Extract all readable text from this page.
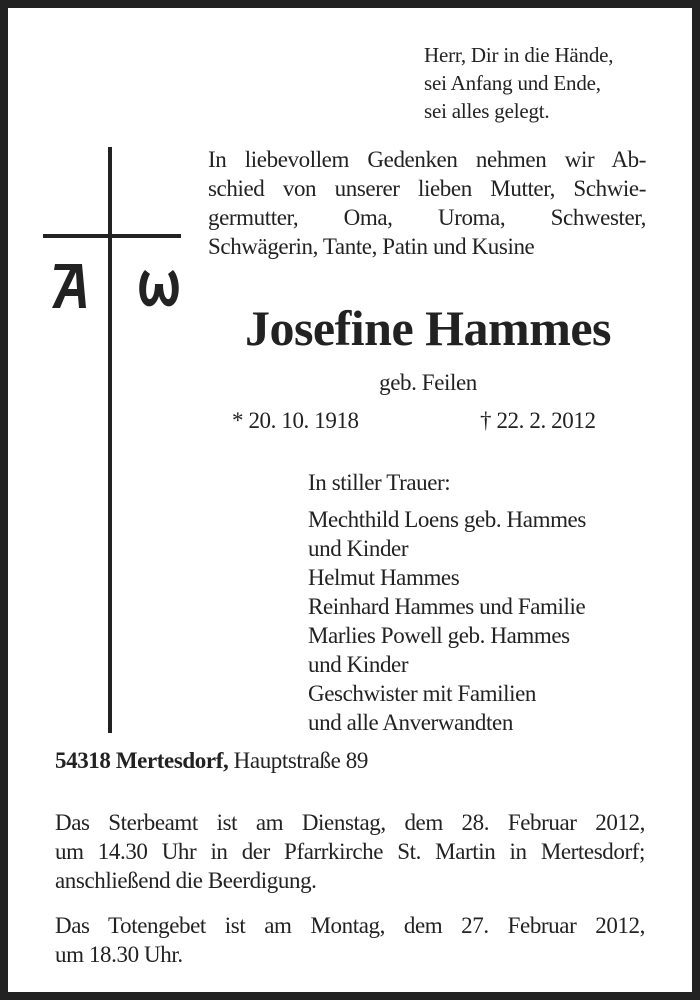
Herr, Dir in die Hände,
sei Anfang und Ende,
sei alles gelegt.
In liebevollem Gedenken nehmen wir Ab-
schied von unserer lieben Mutter, Schwie-
germutter, Oma, Uroma, Schwester,
Schwägerin, Tante, Patin und Kusine
Josefine Hammes
geb. Feilen
* 20. 10. 1918	† 22. 2. 2012
In stiller Trauer:
Mechthild Loens geb. Hammes
und Kinder
Helmut Hammes
Reinhard Hammes und Familie
Marlies Powell geb. Hammes
und Kinder
Geschwister mit Familien
und alle Anverwandten
54318 Mertesdorf, Hauptstraße 89
Das Sterbeamt ist am Dienstag, dem 28. Februar 2012,
um 14.30 Uhr in der Pfarrkirche St. Martin in Mertesdorf;
anschließend die Beerdigung.
Das Totengebet ist am Montag, dem 27. Februar 2012,
um 18.30 Uhr.
